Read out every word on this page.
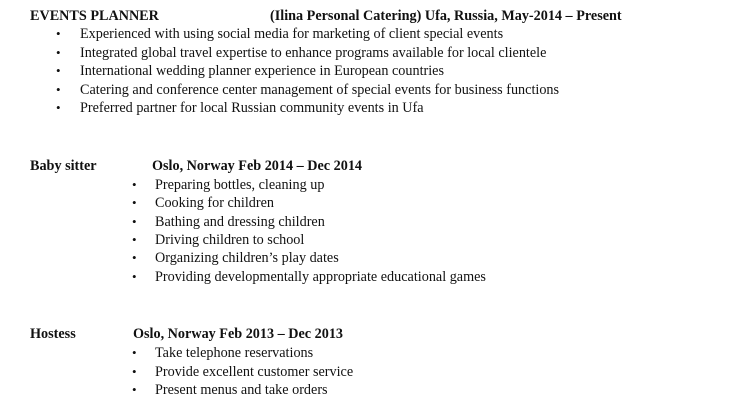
EVENTS PLANNER	(Ilina Personal Catering) Ufa, Russia, May-2014 – Present
• Experienced with using social media for marketing of client special events
• Integrated global travel expertise to enhance programs available for local clientele
• International wedding planner experience in European countries
• Catering and conference center management of special events for business functions
• Preferred partner for local Russian community events in Ufa
Baby sitter	Oslo, Norway Feb 2014 – Dec 2014
• Preparing bottles, cleaning up
• Cooking for children
• Bathing and dressing children
• Driving children to school
• Organizing children’s play dates
• Providing developmentally appropriate educational games
Hostess	Oslo, Norway Feb 2013 – Dec 2013
• Take telephone reservations
• Provide excellent customer service
• Present menus and take orders
